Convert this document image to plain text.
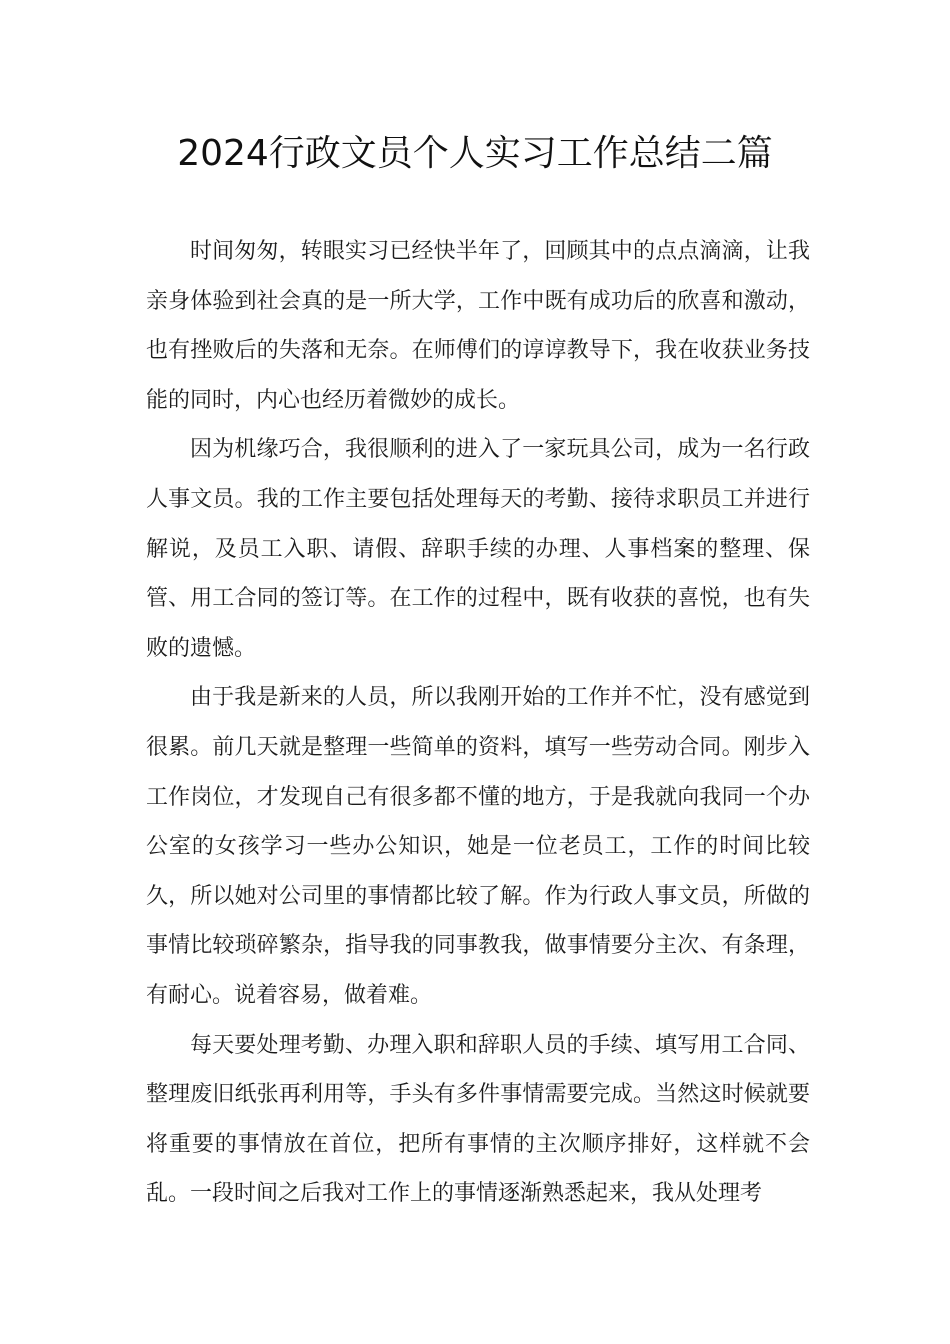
2024行政文员个人实习工作总结二篇

时间匆匆，转眼实习已经快半年了，回顾其中的点点滴滴，让我亲身体验到社会真的是一所大学，工作中既有成功后的欣喜和激动，也有挫败后的失落和无奈。在师傅们的谆谆教导下，我在收获业务技能的同时，内心也经历着微妙的成长。

因为机缘巧合，我很顺利的进入了一家玩具公司，成为一名行政人事文员。我的工作主要包括处理每天的考勤、接待求职员工并进行解说，及员工入职、请假、辞职手续的办理、人事档案的整理、保管、用工合同的签订等。在工作的过程中，既有收获的喜悦，也有失败的遗憾。

由于我是新来的人员，所以我刚开始的工作并不忙，没有感觉到很累。前几天就是整理一些简单的资料，填写一些劳动合同。刚步入工作岗位，才发现自己有很多都不懂的地方，于是我就向我同一个办公室的女孩学习一些办公知识，她是一位老员工，工作的时间比较久，所以她对公司里的事情都比较了解。作为行政人事文员，所做的事情比较琐碎繁杂，指导我的同事教我，做事情要分主次、有条理，有耐心。说着容易，做着难。

每天要处理考勤、办理入职和辞职人员的手续、填写用工合同、整理废旧纸张再利用等，手头有多件事情需要完成。当然这时候就要将重要的事情放在首位，把所有事情的主次顺序排好，这样就不会乱。一段时间之后我对工作上的事情逐渐熟悉起来，我从处理考
